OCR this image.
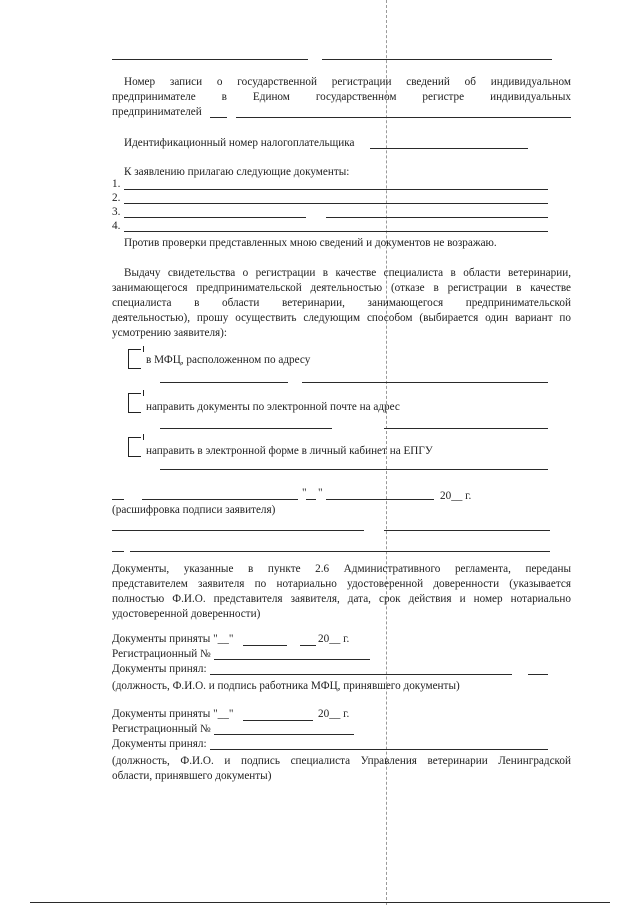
Номер записи о государственной регистрации сведений об индивидуальном
предпринимателе в Едином государственном регистре индивидуальных
предпринимателей
Идентификационный номер налогоплательщика
К заявлению прилагаю следующие документы:
1.
2.
3.
4.
Против проверки представленных мною сведений и документов не возражаю.
Выдачу свидетельства о регистрации в качестве специалиста в области ветеринарии,
занимающегося предпринимательской деятельностью (отказе в регистрации в качестве
специалиста в области ветеринарии, занимающегося предпринимательской
деятельностью), прошу осуществить следующим способом (выбирается один вариант по
усмотрению заявителя):
в МФЦ, расположенном по адресу
направить документы по электронной почте на адрес
направить в электронной форме в личный кабинет на ЕПГУ
" "	20__ г.
(расшифровка подписи заявителя)
Документы, указанные в пункте 2.6 Административного регламента, переданы
представителем заявителя по нотариально удостоверенной доверенности (указывается
полностью Ф.И.О. представителя заявителя, дата, срок действия и номер нотариально
удостоверенной доверенности)
Документы приняты "__"	20__ г.
Регистрационный №
Документы принял:
(должность, Ф.И.О. и подпись работника МФЦ, принявшего документы)
Документы приняты "__"	20__ г.
Регистрационный №
Документы принял:
(должность, Ф.И.О. и подпись специалиста Управления ветеринарии Ленинградской
области, принявшего документы)
